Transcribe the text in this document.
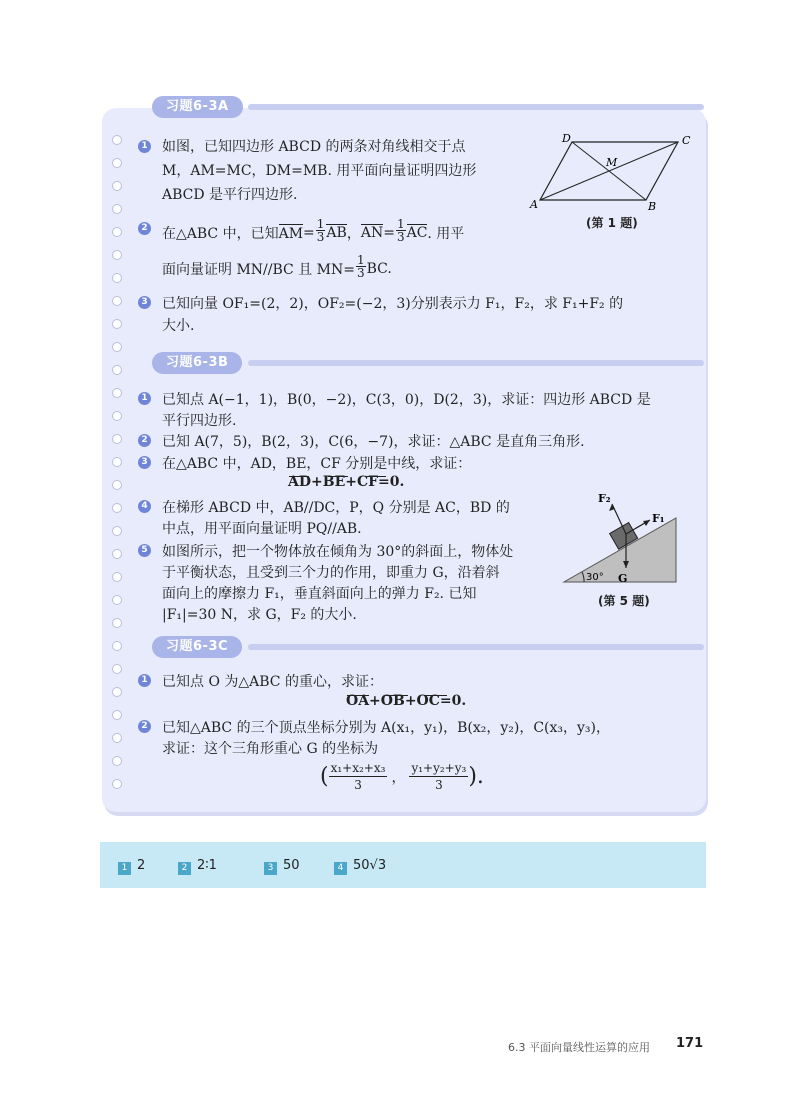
习题6-3A
1 如图，已知四边形 ABCD 的两条对角线相交于点
M，AM=MC，DM=MB. 用平面向量证明四边形
ABCD 是平行四边形.
D	C
M
A	B
(第 1 题)
2 在△ABC 中，已知 AM = $\frac{1}{3}$ AB ， AN = $\frac{1}{3}$ AC . 用平
面向量证明 MN//BC 且 $MN= \frac{1}{3}$ BC.
3 已知向量 OF₁=(2，2)，OF₂=(−2，3)分别表示力 F₁，F₂，求 F₁+F₂ 的
大小.
习题6-3B
1 已知点 A(−1，1)，B(0，−2)，C(3，0)，D(2，3)，求证：四边形 ABCD 是
平行四边形.
2 已知 A(7，5)，B(2，3)，C(6，−7)，求证：△ABC 是直角三角形.
3 在△ABC 中，AD，BE，CF 分别是中线，求证：
AD+BE+CF=0.
4 在梯形 ABCD 中，AB//DC，P，Q 分别是 AC，BD 的
中点，用平面向量证明 PQ//AB.
5 如图所示，把一个物体放在倾角为 30°的斜面上，物体处
于平衡状态，且受到三个力的作用，即重力 G，沿着斜
面向上的摩擦力 F₁，垂直斜面向上的弹力 F₂. 已知
|F₁|=30 N，求 G，F₂ 的大小.
F₂
F₁
G
30°
(第 5 题)
习题6-3C
1 已知点 O 为△ABC 的重心，求证：
OA+OB+OC=0.
2 已知△ABC 的三个顶点坐标分别为 A(x₁，y₁)，B(x₂，y₂)，C(x₃，y₃)，
求证：这个三角形重心 G 的坐标为
( $\frac{\text{x₁+x₂+x₃}}{3}$ ， $\frac{\text{y₁+y₂+y₃}}{3}$ ).
1 2	2 2∶1	3 50	4 50√3
6.3 平面向量线性运算的应用 171
